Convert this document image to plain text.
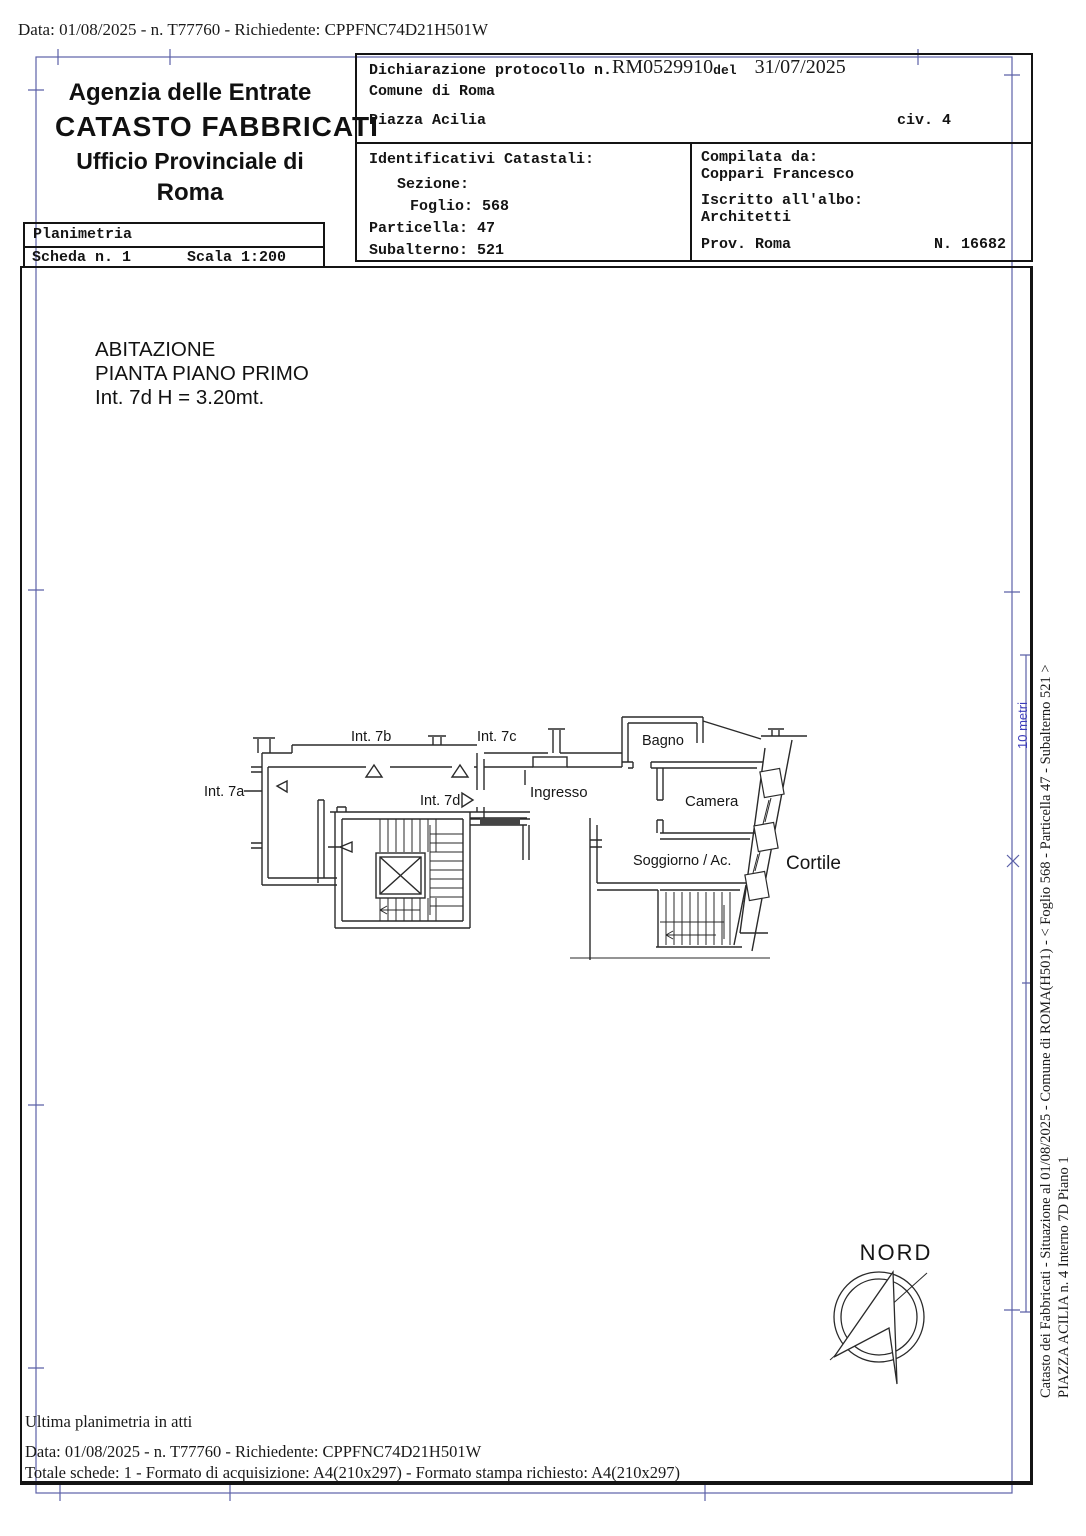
Data: 01/08/2025 - n. T77760 - Richiedente: CPPFNC74D21H501W
Agenzia delle Entrate
CATASTO FABBRICATI
Ufficio Provinciale di
Roma
Planimetria
Scheda n. 1	Scala 1:200
Dichiarazione protocollo n.RM0529910del 31/07/2025
Comune di Roma
Piazza Acilia	civ. 4
Identificativi Catastali:
Sezione:
Foglio: 568
Particella: 47
Subalterno: 521
Compilata da:
Coppari Francesco
Iscritto all'albo:
Architetti
Prov. Roma	N. 16682
ABITAZIONE
PIANTA PIANO PRIMO
Int. 7d H = 3.20mt.
Int. 7b	Int. 7c
Int. 7a
Int. 7d	Ingresso
Bagno
Camera
Soggiorno / Ac.	Cortile
NORD
Ultima planimetria in atti
Data: 01/08/2025 - n. T77760 - Richiedente: CPPFNC74D21H501W
Totale schede: 1 - Formato di acquisizione: A4(210x297) - Formato stampa richiesto: A4(210x297)
Catasto dei Fabbricati - Situazione al 01/08/2025 - Comune di ROMA(H501) - < Foglio 568 - Particella 47 - Subalterno 521 > PIAZZA ACILIA n. 4 Interno 7D Piano 1
10 metri
